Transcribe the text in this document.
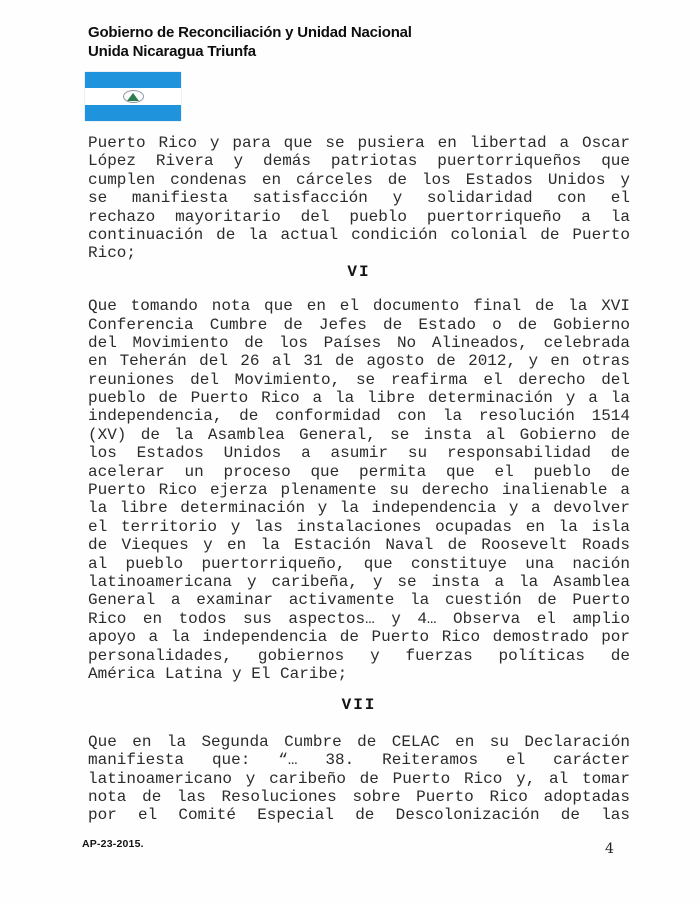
Gobierno de Reconciliación y Unidad Nacional
Unida Nicaragua Triunfa
Puerto Rico y para que se pusiera en libertad a Oscar
López Rivera y demás patriotas puertorriqueños que
cumplen condenas en cárceles de los Estados Unidos y
se manifiesta satisfacción y solidaridad con el
rechazo mayoritario del pueblo puertorriqueño a la
continuación de la actual condición colonial de Puerto
Rico;
VI
Que tomando nota que en el documento final de la XVI
Conferencia Cumbre de Jefes de Estado o de Gobierno
del Movimiento de los Países No Alineados, celebrada
en Teherán del 26 al 31 de agosto de 2012, y en otras
reuniones del Movimiento, se reafirma el derecho del
pueblo de Puerto Rico a la libre determinación y a la
independencia, de conformidad con la resolución 1514
(XV) de la Asamblea General, se insta al Gobierno de
los Estados Unidos a asumir su responsabilidad de
acelerar un proceso que permita que el pueblo de
Puerto Rico ejerza plenamente su derecho inalienable a
la libre determinación y la independencia y a devolver
el territorio y las instalaciones ocupadas en la isla
de Vieques y en la Estación Naval de Roosevelt Roads
al pueblo puertorriqueño, que constituye una nación
latinoamericana y caribeña, y se insta a la Asamblea
General a examinar activamente la cuestión de Puerto
Rico en todos sus aspectos… y 4… Observa el amplio
apoyo a la independencia de Puerto Rico demostrado por
personalidades, gobiernos y fuerzas políticas de
América Latina y El Caribe;
VII
Que en la Segunda Cumbre de CELAC en su Declaración
manifiesta que: “… 38. Reiteramos el carácter
latinoamericano y caribeño de Puerto Rico y, al tomar
nota de las Resoluciones sobre Puerto Rico adoptadas
por el Comité Especial de Descolonización de las
AP-23-2015.	4
